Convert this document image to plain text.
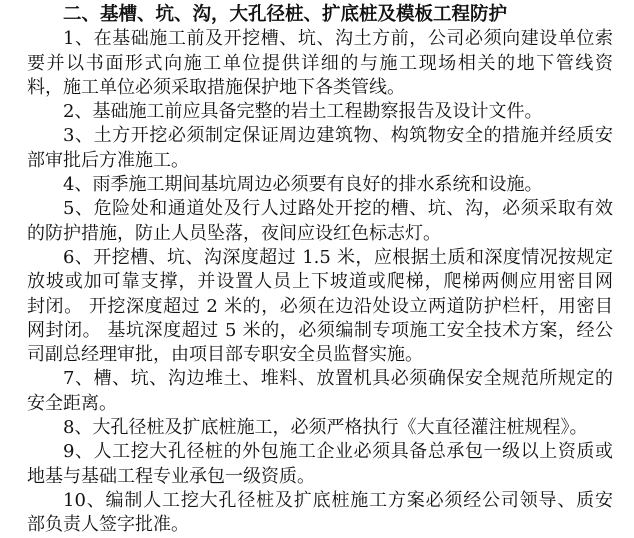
二、基槽、坑、沟，大孔径桩、扩底桩及模板工程防护
1、在基础施工前及开挖槽、坑、沟土方前，公司必须向建设单位索
要并以书面形式向施工单位提供详细的与施工现场相关的地下管线资
料，施工单位必须采取措施保护地下各类管线。
2、基础施工前应具备完整的岩土工程勘察报告及设计文件。
3、土方开挖必须制定保证周边建筑物、构筑物安全的措施并经质安
部审批后方准施工。
4、雨季施工期间基坑周边必须要有良好的排水系统和设施。
5、危险处和通道处及行人过路处开挖的槽、坑、沟，必须采取有效
的防护措施，防止人员坠落，夜间应设红色标志灯。
6、开挖槽、坑、沟深度超过 1.5 米，应根据土质和深度情况按规定
放坡或加可靠支撑，并设置人员上下坡道或爬梯，爬梯两侧应用密目网
封闭。 开挖深度超过 2 米的，必须在边沿处设立两道防护栏杆，用密目
网封闭。 基坑深度超过 5 米的，必须编制专项施工安全技术方案，经公
司副总经理审批，由项目部专职安全员监督实施。
7、槽、坑、沟边堆土、堆料、放置机具必须确保安全规范所规定的
安全距离。
8、大孔径桩及扩底桩施工，必须严格执行《大直径灌注桩规程》。
9、人工挖大孔径桩的外包施工企业必须具备总承包一级以上资质或
地基与基础工程专业承包一级资质。
10、编制人工挖大孔径桩及扩底桩施工方案必须经公司领导、质安
部负责人签字批准。
